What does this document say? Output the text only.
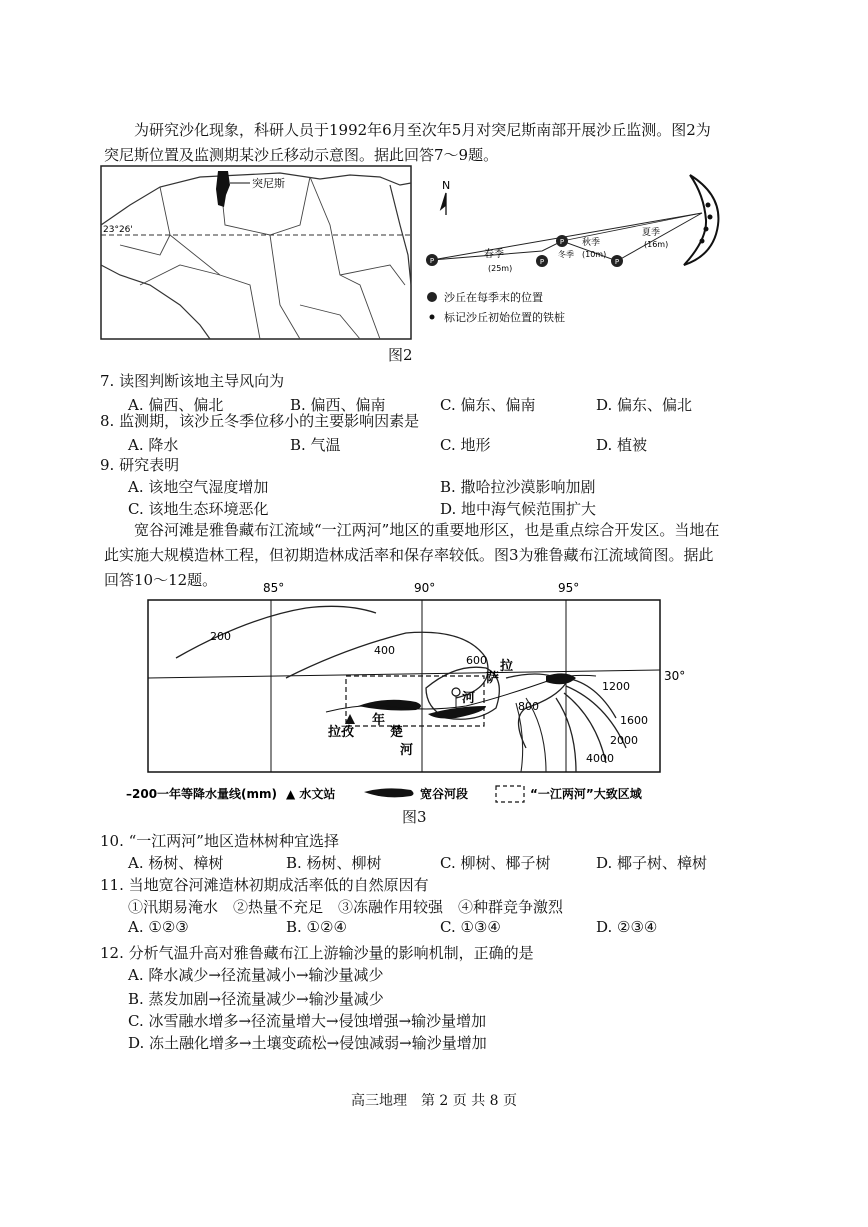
为研究沙化现象，科研人员于1992年6月至次年5月对突尼斯南部开展沙丘监测。图2为突尼斯位置及监测期某沙丘移动示意图。据此回答7～9题。
突尼斯
23°26'
N
P	P
P
P
春季
(25m)
冬季
秋季
(10m)
夏季
(16m)
沙丘在每季末的位置
标记沙丘初始位置的铁桩
图2
7. 读图判断该地主导风向为
A. 偏西、偏北	B. 偏西、偏南	C. 偏东、偏南	D. 偏东、偏北
8. 监测期，该沙丘冬季位移小的主要影响因素是
A. 降水	B. 气温	C. 地形	D. 植被
9. 研究表明
A. 该地空气湿度增加	B. 撒哈拉沙漠影响加剧
C. 该地生态环境恶化	D. 地中海气候范围扩大
宽谷河滩是雅鲁藏布江流域“一江两河”地区的重要地形区，也是重点综合开发区。当地在此实施大规模造林工程，但初期造林成活率和保存率较低。图3为雅鲁藏布江流域简图。据此回答10～12题。	85°	90°	95°
30°
200
400
600
800
1200
1600
2000
4000
拉
萨
河
拉孜
年
楚
河
–200一年等降水量线(mm) ▲ 水文站	宽谷河段	“一江两河”大致区域
图3
10. “一江两河”地区造林树种宜选择
A. 杨树、樟树	B. 杨树、柳树	C. 柳树、椰子树	D. 椰子树、樟树
11. 当地宽谷河滩造林初期成活率低的自然原因有
①汛期易淹水　②热量不充足　③冻融作用较强　④种群竞争激烈
A. ①②③	B. ①②④	C. ①③④	D. ②③④
12. 分析气温升高对雅鲁藏布江上游输沙量的影响机制，正确的是
A. 降水减少→径流量减小→输沙量减少
B. 蒸发加剧→径流量减少→输沙量减少
C. 冰雪融水增多→径流量增大→侵蚀增强→输沙量增加
D. 冻土融化增多→土壤变疏松→侵蚀减弱→输沙量增加
高三地理　第 2 页 共 8 页
